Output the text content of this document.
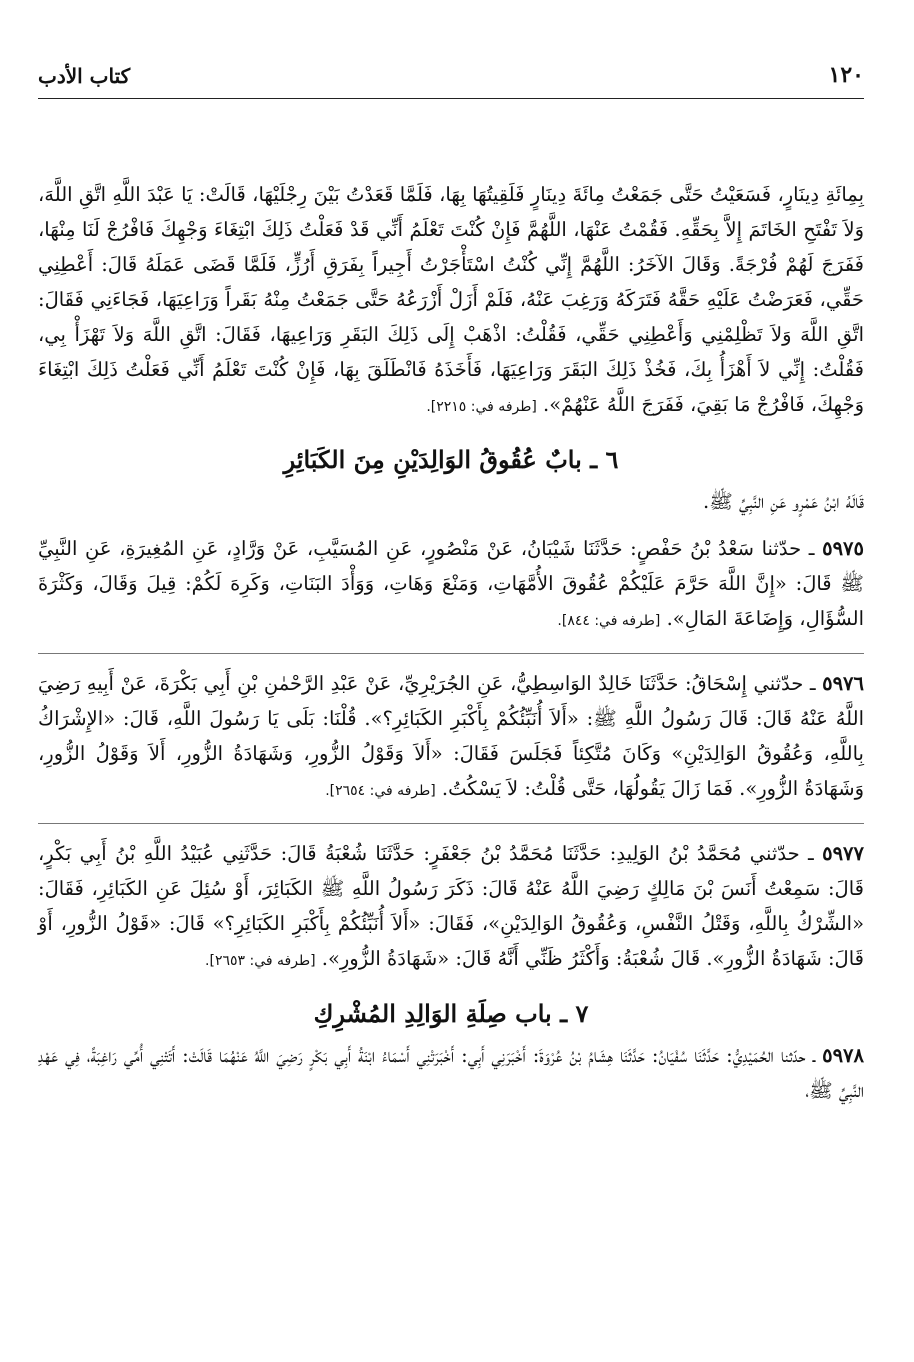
١٢٠
كتاب الأدب

بِمِائَةِ دِينَارٍ، فَسَعَيْتُ حَتَّى جَمَعْتُ مِائَةَ دِينَارٍ فَلَقِيتُهَا بِهَا، فَلَمَّا قَعَدْتُ بَيْنَ رِجْلَيْهَا، قَالَتْ: يَا عَبْدَ اللَّهِ اتَّقِ اللَّهَ، وَلاَ تَفْتَحِ الخَاتَمَ إِلاَّ بِحَقِّهِ. فَقُمْتُ عَنْهَا، اللَّهُمَّ فَإِنْ كُنْتَ تَعْلَمُ أَنِّي قَدْ فَعَلْتُ ذَلِكَ ابْتِغَاءَ وَجْهِكَ فَافْرُجْ لَنَا مِنْهَا، فَفَرَجَ لَهُمْ فُرْجَةً. وَقَالَ الآخَرُ: اللَّهُمَّ إِنِّي كُنْتُ اسْتَأْجَرْتُ أَجِيراً بِفَرَقِ أَرُزٍّ، فَلَمَّا قَضَى عَمَلَهُ قَالَ: أَعْطِنِي حَقِّي، فَعَرَضْتُ عَلَيْهِ حَقَّهُ فَتَرَكَهُ وَرَغِبَ عَنْهُ، فَلَمْ أَزَلْ أَزْرَعُهُ حَتَّى جَمَعْتُ مِنْهُ بَقَراً وَرَاعِيَهَا، فَجَاءَنِي فَقَالَ: اتَّقِ اللَّهَ وَلاَ تَظْلِمْنِي وَأَعْطِنِي حَقِّي، فَقُلْتُ: اذْهَبْ إِلَى ذَلِكَ البَقَرِ وَرَاعِيهَا، فَقَالَ: اتَّقِ اللَّهَ وَلاَ تَهْزَأْ بِي، فَقُلْتُ: إِنِّي لاَ أَهْزَأُ بِكَ، فَخُذْ ذَلِكَ البَقَرَ وَرَاعِيَهَا، فَأَخَذَهُ فَانْطَلَقَ بِهَا، فَإِنْ كُنْتَ تَعْلَمُ أَنِّي فَعَلْتُ ذَلِكَ ابْتِغَاءَ وَجْهِكَ، فَافْرُجْ مَا بَقِيَ، فَفَرَجَ اللَّهُ عَنْهُمْ». [طرفه في: ٢٢١٥].

٦ ـ بابٌ عُقُوقُ الوَالِدَيْنِ مِنَ الكَبَائِرِ

قَالَهُ ابْنُ عَمْرٍو عَنِ النَّبِيِّ ﷺ.

٥٩٧٥ ـ حدّثنا سَعْدُ بْنُ حَفْصٍ: حَدَّثَنَا شَيْبَانُ، عَنْ مَنْصُورٍ، عَنِ المُسَيَّبِ، عَنْ وَرَّادٍ، عَنِ المُغِيرَةِ، عَنِ النَّبِيِّ ﷺ قَالَ: «إِنَّ اللَّهَ حَرَّمَ عَلَيْكُمْ عُقُوقَ الأُمَّهَاتِ، وَمَنْعَ وَهَاتِ، وَوَأْدَ البَنَاتِ، وَكَرِهَ لَكُمْ: قِيلَ وَقَالَ، وَكَثْرَةَ السُّؤَالِ، وَإِضَاعَةَ المَالِ». [طرفه في: ٨٤٤].

٥٩٧٦ ـ حدّثني إِسْحَاقُ: حَدَّثَنَا خَالِدٌ الوَاسِطِيُّ، عَنِ الجُرَيْرِيِّ، عَنْ عَبْدِ الرَّحْمٰنِ بْنِ أَبِي بَكْرَةَ، عَنْ أَبِيهِ رَضِيَ اللَّهُ عَنْهُ قَالَ: قَالَ رَسُولُ اللَّهِ ﷺ: «أَلاَ أُنَبِّئُكُمْ بِأَكْبَرِ الكَبَائِرِ؟». قُلْنَا: بَلَى يَا رَسُولَ اللَّهِ، قَالَ: «الإِشْرَاكُ بِاللَّهِ، وَعُقُوقُ الوَالِدَيْنِ» وَكَانَ مُتَّكِئاً فَجَلَسَ فَقَالَ: «أَلاَ وَقَوْلُ الزُّورِ، وَشَهَادَةُ الزُّورِ، أَلاَ وَقَوْلُ الزُّورِ، وَشَهَادَةُ الزُّورِ». فَمَا زَالَ يَقُولُهَا، حَتَّى قُلْتُ: لاَ يَسْكُتُ. [طرفه في: ٢٦٥٤].

٥٩٧٧ ـ حدّثني مُحَمَّدُ بْنُ الوَلِيدِ: حَدَّثَنَا مُحَمَّدُ بْنُ جَعْفَرٍ: حَدَّثَنَا شُعْبَةُ قَالَ: حَدَّثَنِي عُبَيْدُ اللَّهِ بْنُ أَبِي بَكْرٍ، قَالَ: سَمِعْتُ أَنَسَ بْنَ مَالِكٍ رَضِيَ اللَّهُ عَنْهُ قَالَ: ذَكَرَ رَسُولُ اللَّهِ ﷺ الكَبَائِرَ، أَوْ سُئِلَ عَنِ الكَبَائِرِ، فَقَالَ: «الشِّرْكُ بِاللَّهِ، وَقَتْلُ النَّفْسِ، وَعُقُوقُ الوَالِدَيْنِ»، فَقَالَ: «أَلاَ أُنَبِّئُكُمْ بِأَكْبَرِ الكَبَائِرِ؟» قَالَ: «قَوْلُ الزُّورِ، أَوْ قَالَ: شَهَادَةُ الزُّورِ». قَالَ شُعْبَةُ: وَأَكْثَرُ ظَنِّي أَنَّهُ قَالَ: «شَهَادَةُ الزُّورِ». [طرفه في: ٢٦٥٣].

٧ ـ باب صِلَةِ الوَالِدِ المُشْرِكِ

٥٩٧٨ ـ حدّثنا الحُمَيْدِيُّ: حَدَّثَنَا سُفْيَانُ: حَدَّثَنَا هِشَامُ بْنُ عُرْوَةَ: أَخْبَرَنِي أَبِي: أَخْبَرَتْنِي أَسْمَاءُ ابْنَةُ أَبِي بَكْرٍ رَضِيَ اللَّهُ عَنْهُمَا قَالَتْ: أَتَتْنِي أُمِّي رَاغِبَةً، فِي عَهْدِ النَّبِيِّ ﷺ،
